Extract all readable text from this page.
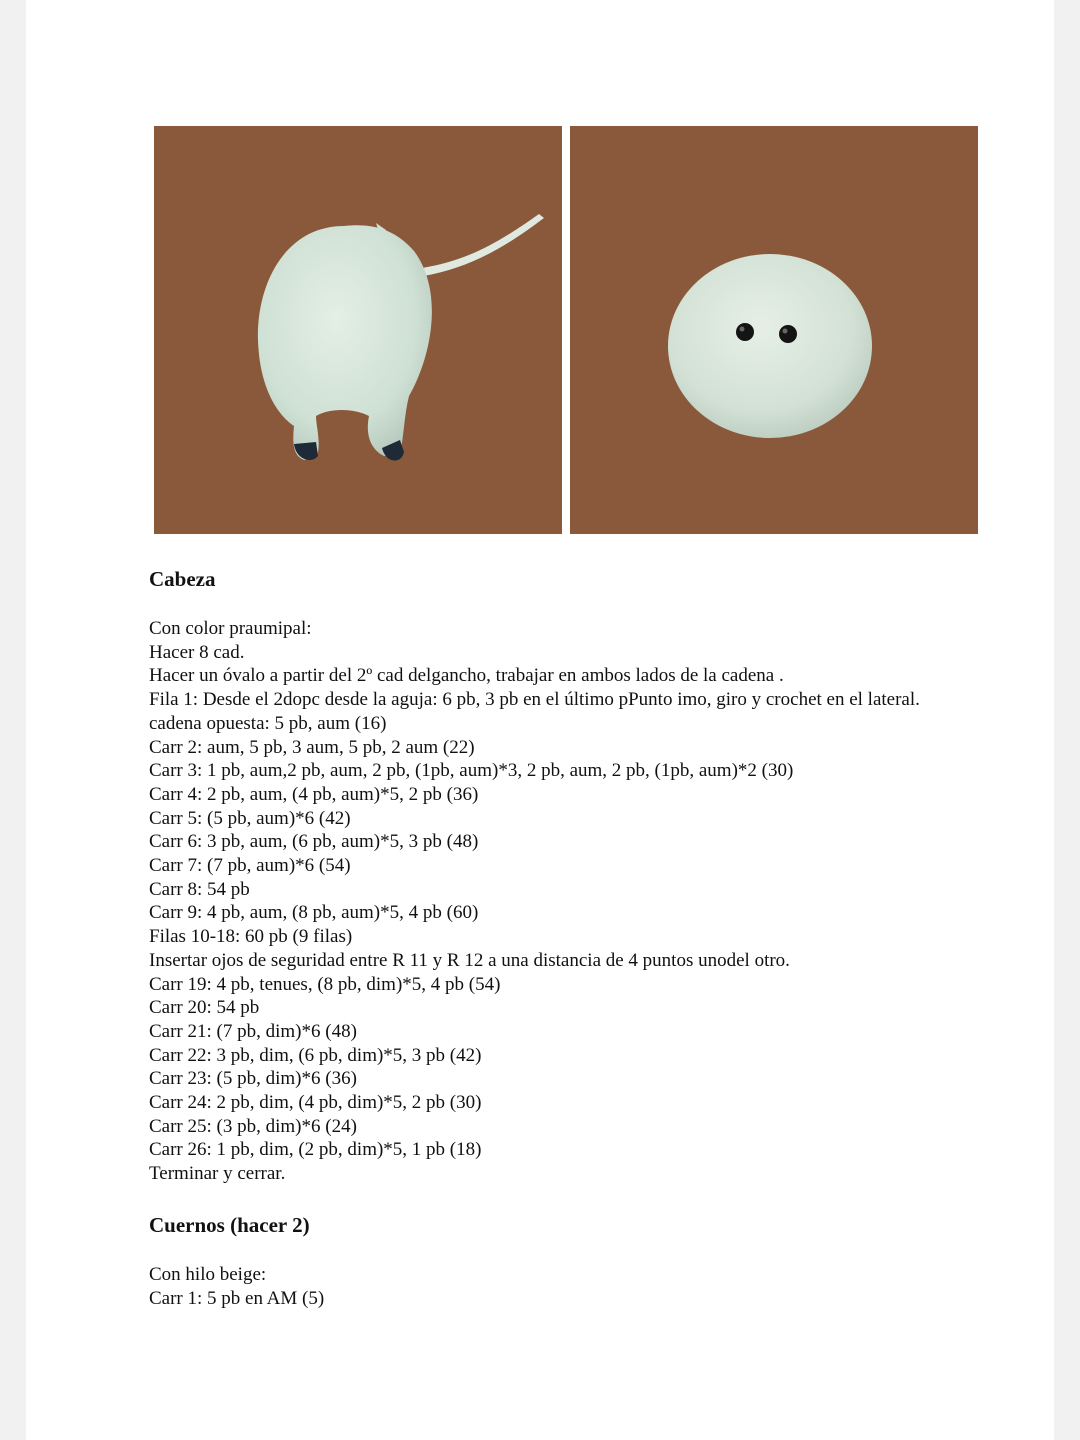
Cabeza
Con color praumipal:
Hacer 8 cad.
Hacer un óvalo a partir del 2º cad delgancho, trabajar en ambos lados de la cadena .
Fila 1: Desde el 2dopc desde la aguja: 6 pb, 3 pb en el último pPunto imo, giro y crochet en el lateral.
cadena opuesta: 5 pb, aum (16)
Carr 2: aum, 5 pb, 3 aum, 5 pb, 2 aum (22)
Carr 3: 1 pb, aum,2 pb, aum, 2 pb, (1pb, aum)*3, 2 pb, aum, 2 pb, (1pb, aum)*2 (30)
Carr 4: 2 pb, aum, (4 pb, aum)*5, 2 pb (36)
Carr 5: (5 pb, aum)*6 (42)
Carr 6: 3 pb, aum, (6 pb, aum)*5, 3 pb (48)
Carr 7: (7 pb, aum)*6 (54)
Carr 8: 54 pb
Carr 9: 4 pb, aum, (8 pb, aum)*5, 4 pb (60)
Filas 10-18: 60 pb (9 filas)
Insertar ojos de seguridad entre R 11 y R 12 a una distancia de 4 puntos unodel otro.
Carr 19: 4 pb, tenues, (8 pb, dim)*5, 4 pb (54)
Carr 20: 54 pb
Carr 21: (7 pb, dim)*6 (48)
Carr 22: 3 pb, dim, (6 pb, dim)*5, 3 pb (42)
Carr 23: (5 pb, dim)*6 (36)
Carr 24: 2 pb, dim, (4 pb, dim)*5, 2 pb (30)
Carr 25: (3 pb, dim)*6 (24)
Carr 26: 1 pb, dim, (2 pb, dim)*5, 1 pb (18)
Terminar y cerrar.
Cuernos (hacer 2)
Con hilo beige:
Carr 1: 5 pb en AM (5)
